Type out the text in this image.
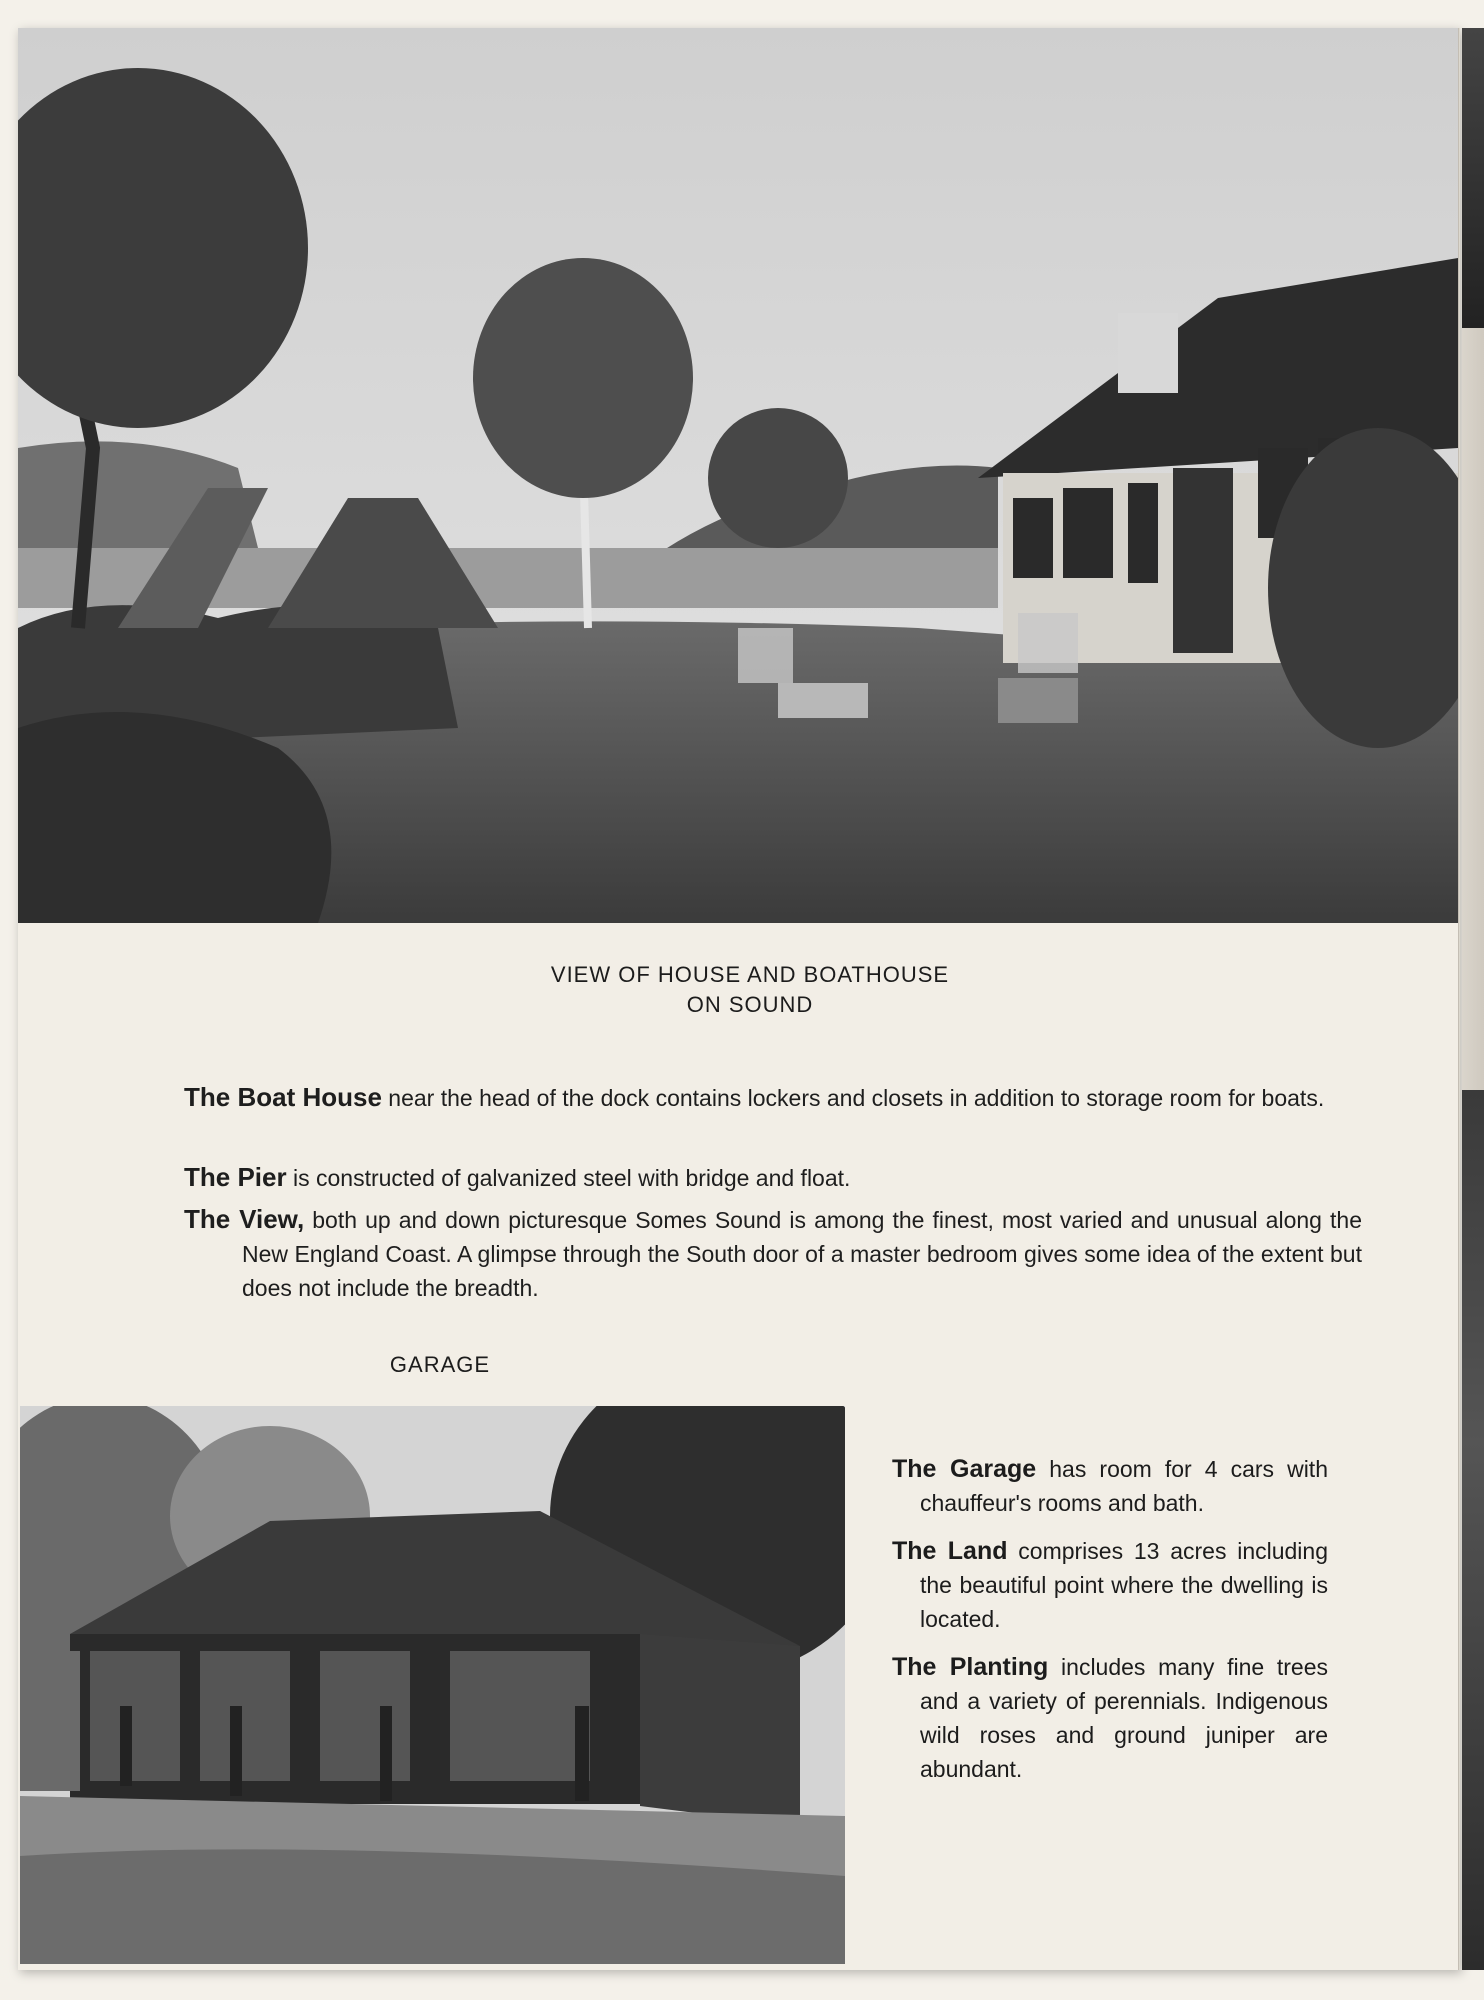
VIEW OF HOUSE AND BOATHOUSE
ON SOUND
The Boat House near the head of the dock contains lockers and closets in addition to storage room for boats.
The Pier is constructed of galvanized steel with bridge and float.
The View, both up and down picturesque Somes Sound is among the finest, most varied and unusual along the New England Coast. A glimpse through the South door of a master bedroom gives some idea of the extent but does not include the breadth.
GARAGE
The Garage has room for 4 cars with chauffeur's rooms and bath.
The Land comprises 13 acres including the beautiful point where the dwelling is located.
The Planting includes many fine trees and a variety of perennials. Indigenous wild roses and ground juniper are abundant.
